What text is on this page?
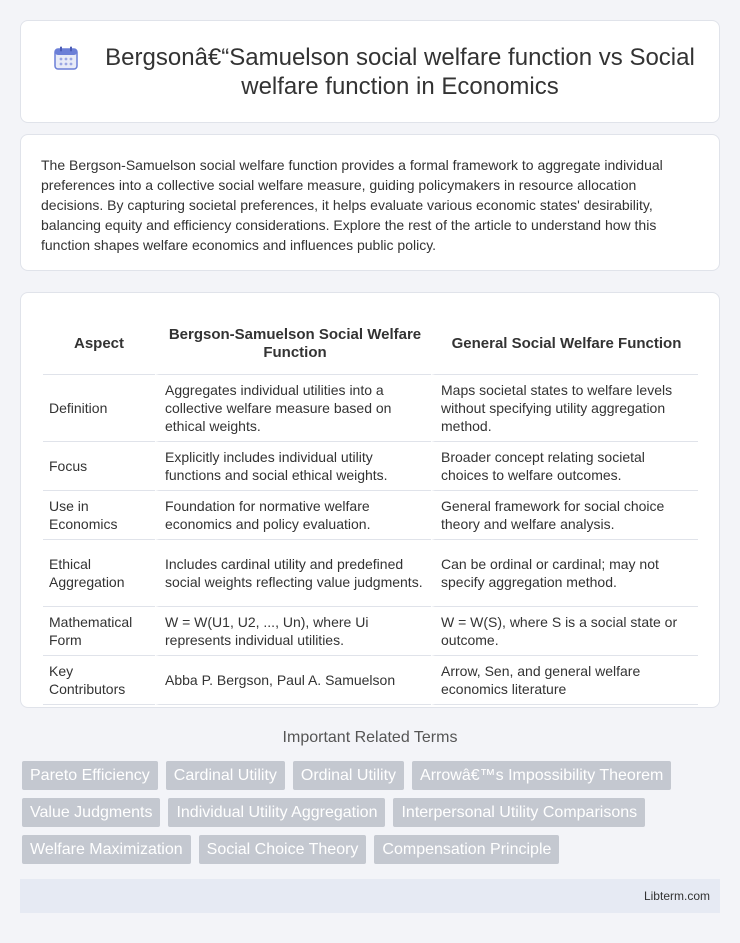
Bergsonâ€“Samuelson social welfare function vs Social welfare function in Economics

The Bergson-Samuelson social welfare function provides a formal framework to aggregate individual preferences into a collective social welfare measure, guiding policymakers in resource allocation decisions. By capturing societal preferences, it helps evaluate various economic states' desirability, balancing equity and efficiency considerations. Explore the rest of the article to understand how this function shapes welfare economics and influences public policy.

Aspect	Bergson-Samuelson Social Welfare Function	General Social Welfare Function
Definition	Aggregates individual utilities into a collective welfare measure based on ethical weights.	Maps societal states to welfare levels without specifying utility aggregation method.
Focus	Explicitly includes individual utility functions and social ethical weights.	Broader concept relating societal choices to welfare outcomes.
Use in Economics	Foundation for normative welfare economics and policy evaluation.	General framework for social choice theory and welfare analysis.
Ethical Aggregation	Includes cardinal utility and predefined social weights reflecting value judgments.	Can be ordinal or cardinal; may not specify aggregation method.
Mathematical Form	W = W(U1, U2, ..., Un), where Ui represents individual utilities.	W = W(S), where S is a social state or outcome.
Key Contributors	Abba P. Bergson, Paul A. Samuelson	Arrow, Sen, and general welfare economics literature
Important Related Terms
Pareto Efficiency	Cardinal Utility	Ordinal Utility	Arrowâ€™s Impossibility Theorem
Value Judgments	Individual Utility Aggregation	Interpersonal Utility Comparisons
Welfare Maximization	Social Choice Theory	Compensation Principle
Libterm.com
